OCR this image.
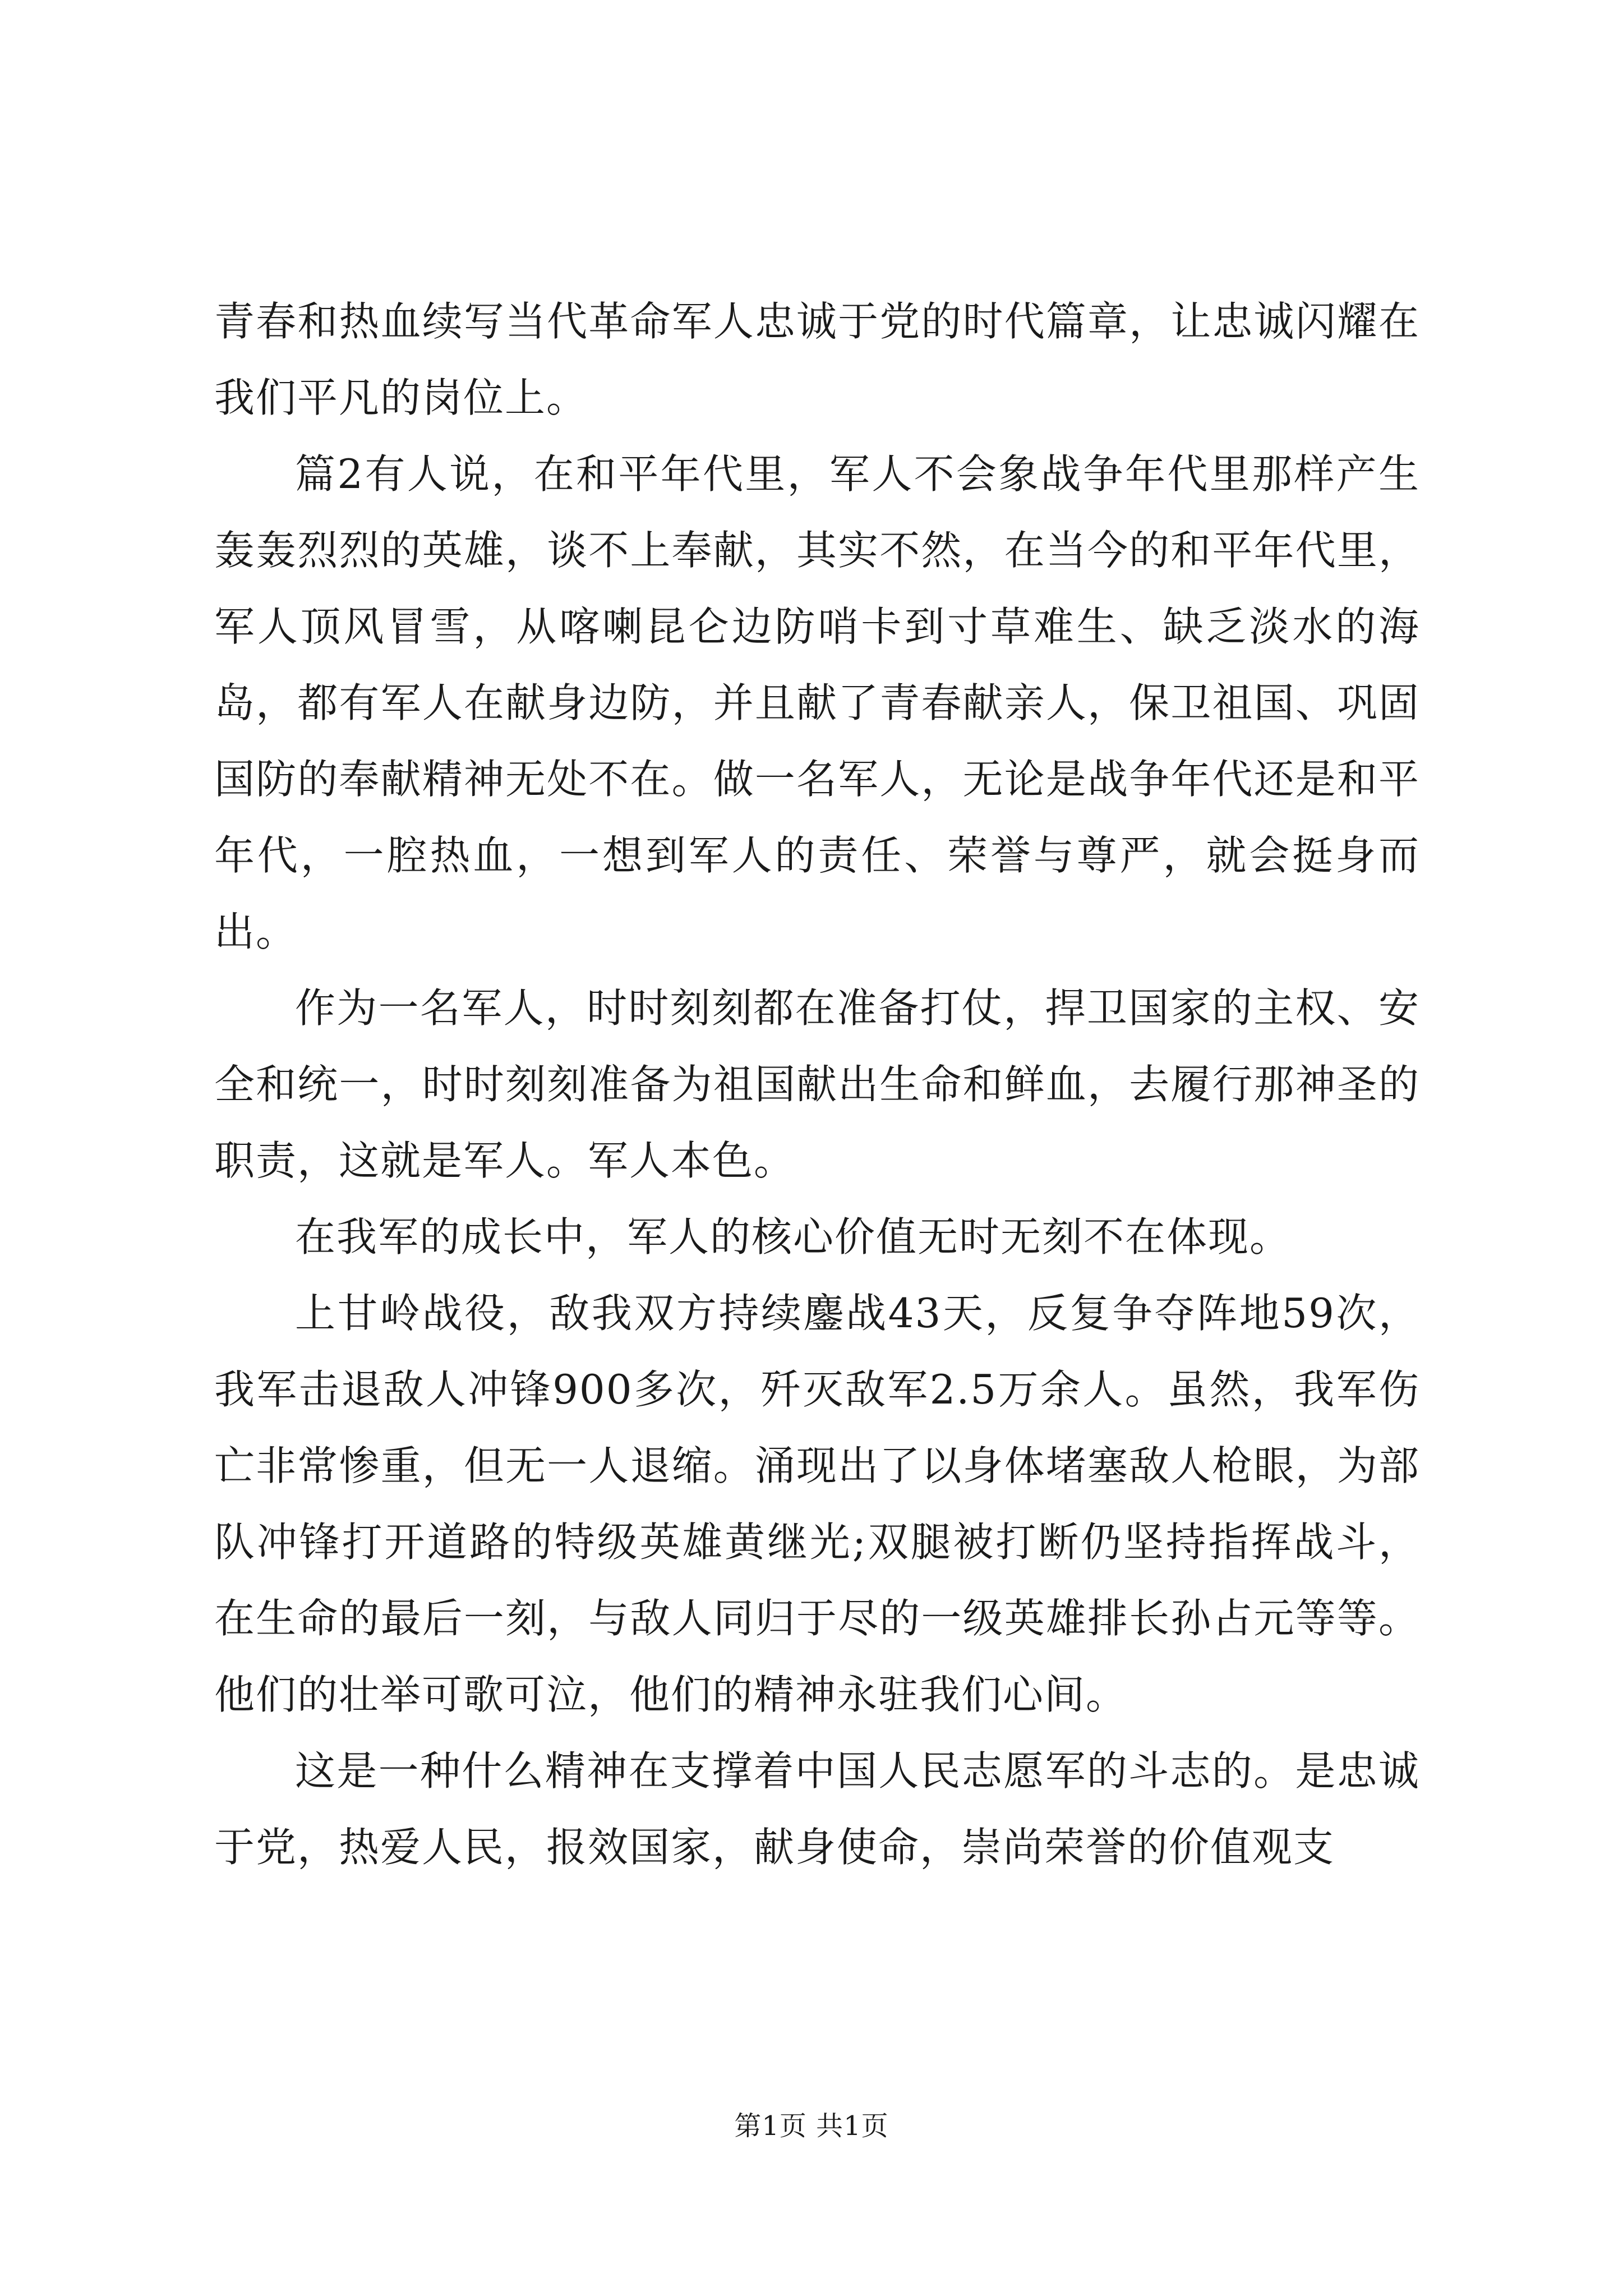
青春和热血续写当代革命军人忠诚于党的时代篇章，让忠诚闪耀在我们平凡的岗位上。

篇2有人说，在和平年代里，军人不会象战争年代里那样产生轰轰烈烈的英雄，谈不上奉献，其实不然，在当今的和平年代里，军人顶风冒雪，从喀喇昆仑边防哨卡到寸草难生、缺乏淡水的海岛，都有军人在献身边防，并且献了青春献亲人，保卫祖国、巩固国防的奉献精神无处不在。做一名军人，无论是战争年代还是和平年代，一腔热血，一想到军人的责任、荣誉与尊严，就会挺身而出。

作为一名军人，时时刻刻都在准备打仗，捍卫国家的主权、安全和统一，时时刻刻准备为祖国献出生命和鲜血，去履行那神圣的职责，这就是军人。军人本色。

在我军的成长中，军人的核心价值无时无刻不在体现。

上甘岭战役，敌我双方持续鏖战43天，反复争夺阵地59次，我军击退敌人冲锋900多次，歼灭敌军2.5万余人。虽然，我军伤亡非常惨重，但无一人退缩。涌现出了以身体堵塞敌人枪眼，为部队冲锋打开道路的特级英雄黄继光;双腿被打断仍坚持指挥战斗，在生命的最后一刻，与敌人同归于尽的一级英雄排长孙占元等等。他们的壮举可歌可泣，他们的精神永驻我们心间。

这是一种什么精神在支撑着中国人民志愿军的斗志的。是忠诚于党，热爱人民，报效国家，献身使命，崇尚荣誉的价值观支

第1页 共1页
